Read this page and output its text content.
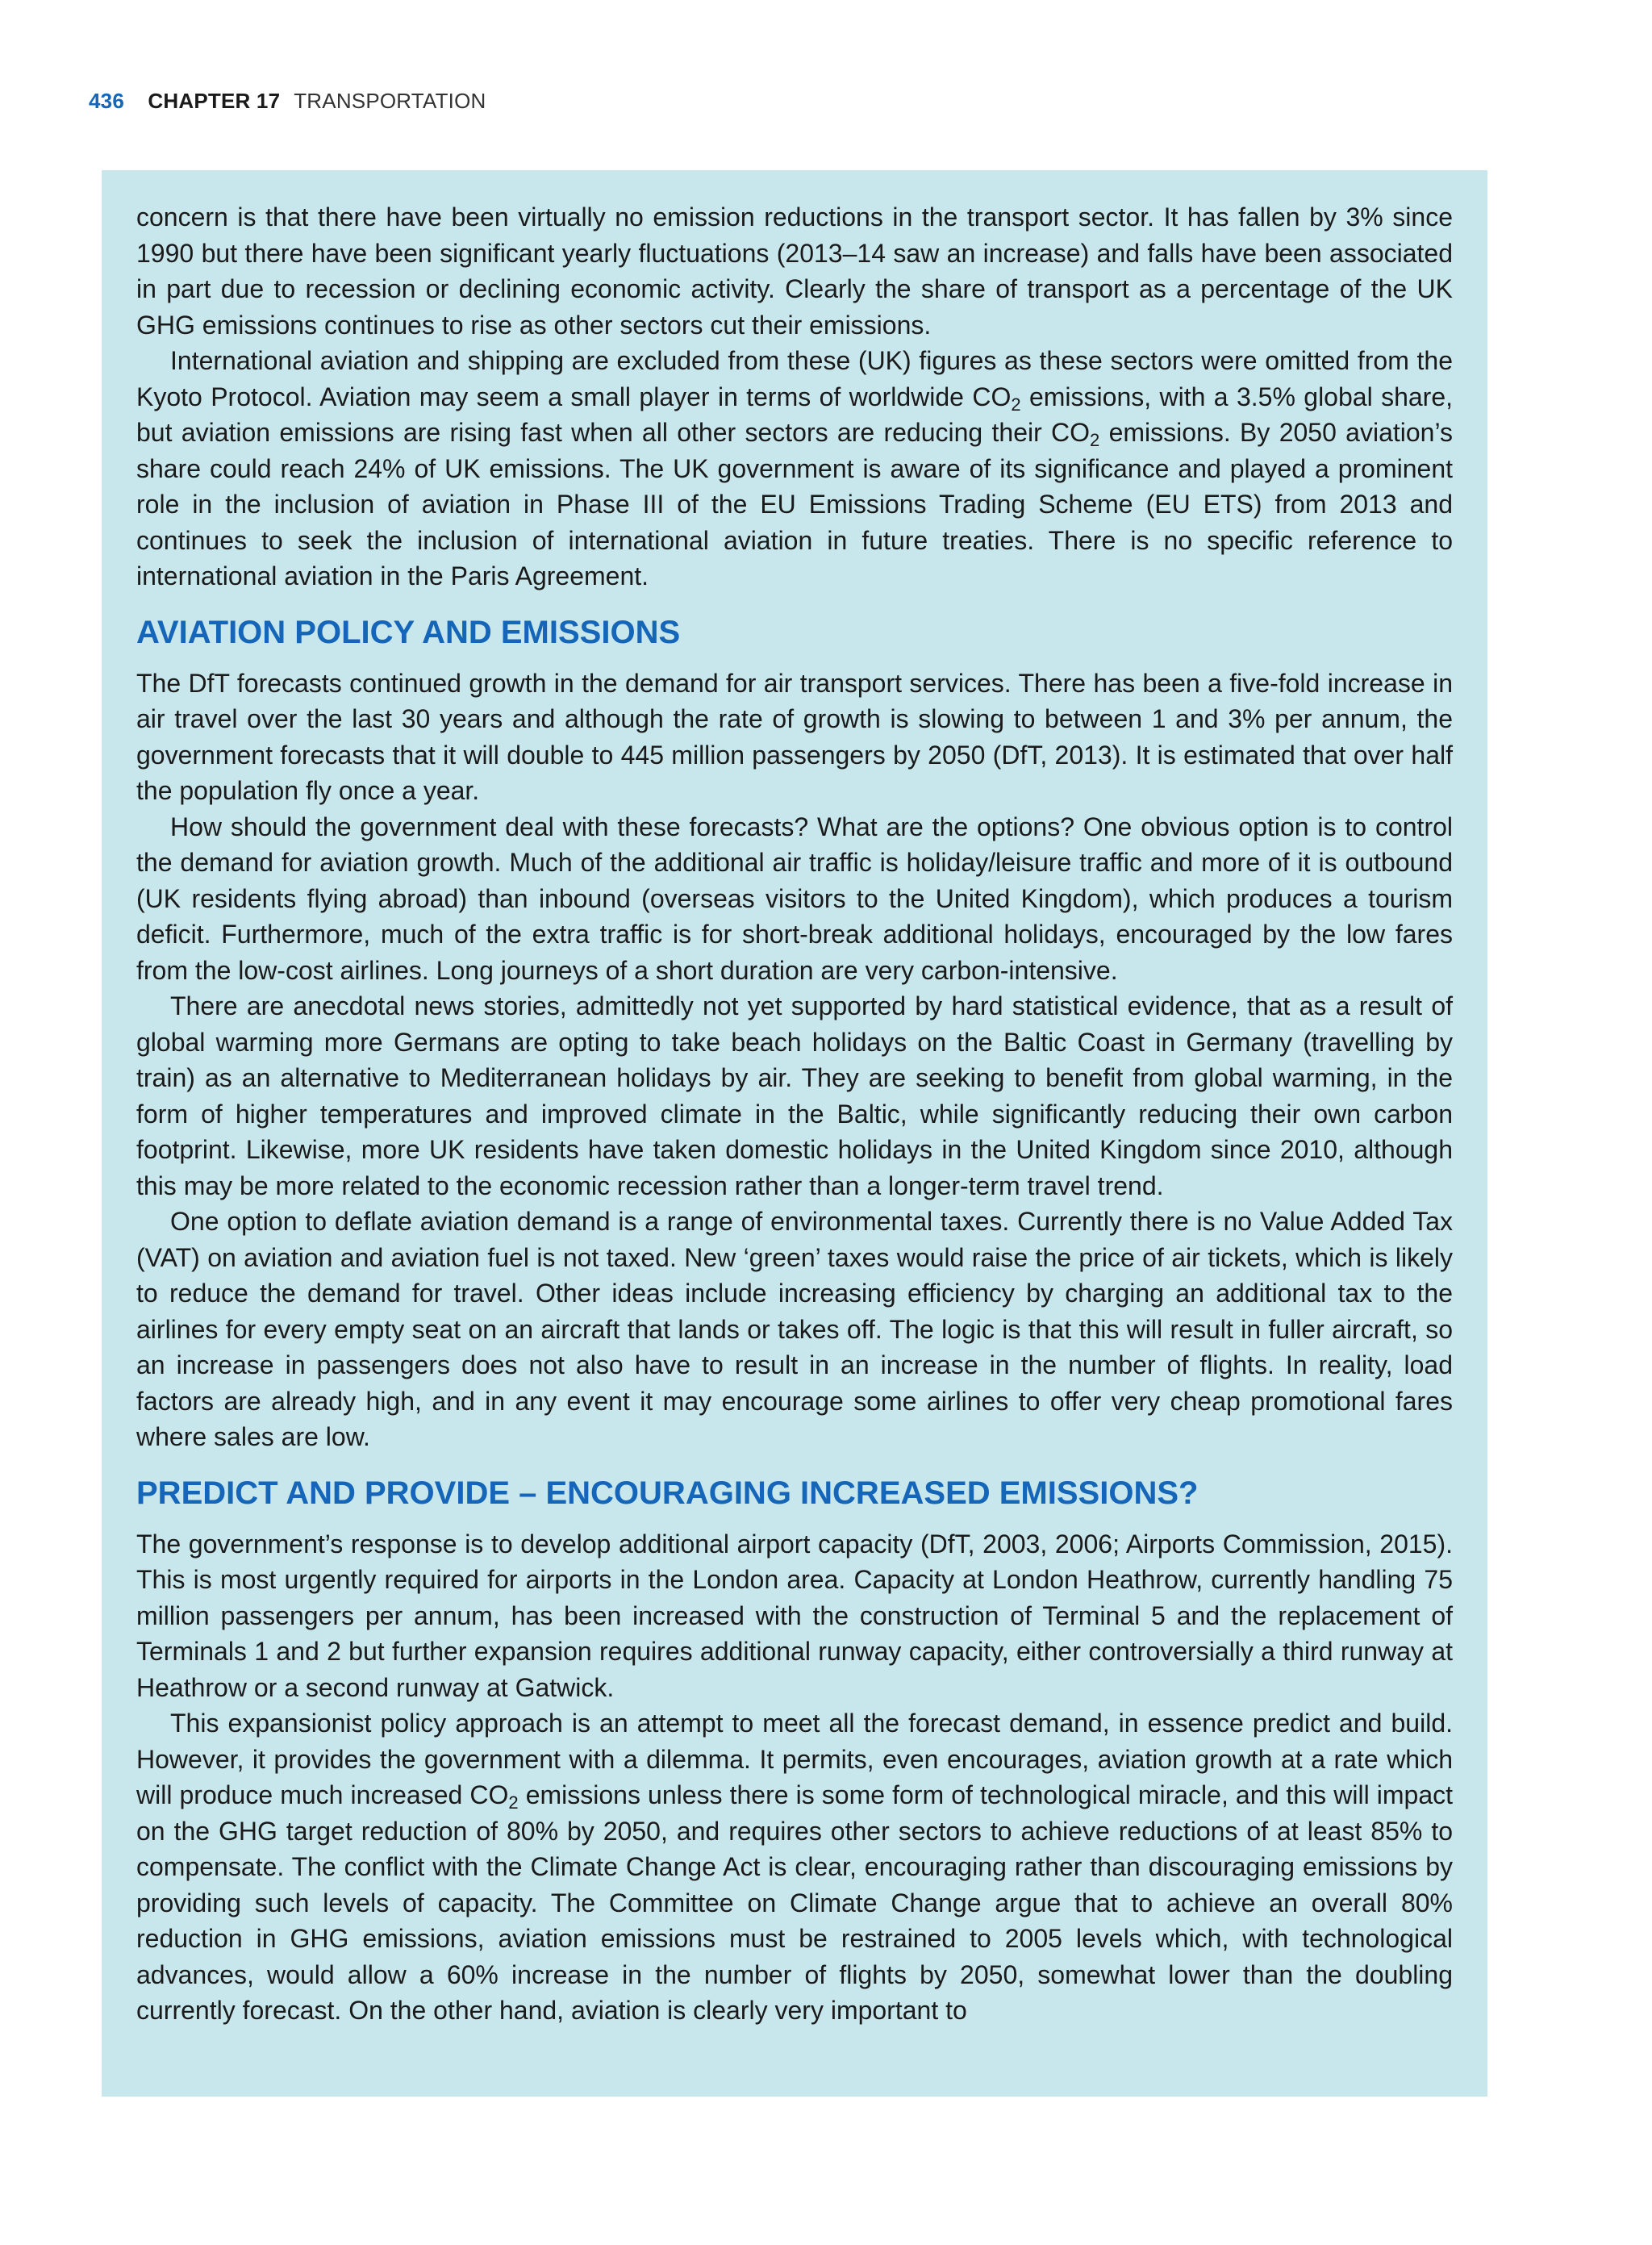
436 CHAPTER 17 TRANSPORTATION

concern is that there have been virtually no emission reductions in the transport sector. It has fallen by 3% since 1990 but there have been significant yearly fluctuations (2013–14 saw an increase) and falls have been associated in part due to recession or declining economic activity. Clearly the share of transport as a percentage of the UK GHG emissions continues to rise as other sectors cut their emissions.

International aviation and shipping are excluded from these (UK) figures as these sectors were omitted from the Kyoto Protocol. Aviation may seem a small player in terms of worldwide $CO_2$ emissions, with a 3.5% global share, but aviation emissions are rising fast when all other sectors are reducing their $CO_2$ emissions. By 2050 aviation’s share could reach 24% of UK emissions. The UK government is aware of its significance and played a prominent role in the inclusion of aviation in Phase III of the EU Emissions Trading Scheme (EU ETS) from 2013 and continues to seek the inclusion of international aviation in future treaties. There is no specific reference to international aviation in the Paris Agreement.

AVIATION POLICY AND EMISSIONS

The DfT forecasts continued growth in the demand for air transport services. There has been a five-fold increase in air travel over the last 30 years and although the rate of growth is slowing to between 1 and 3% per annum, the government forecasts that it will double to 445 million passengers by 2050 (DfT, 2013). It is estimated that over half the population fly once a year.

How should the government deal with these forecasts? What are the options? One obvious option is to control the demand for aviation growth. Much of the additional air traffic is holiday/leisure traffic and more of it is outbound (UK residents flying abroad) than inbound (overseas visitors to the United Kingdom), which produces a tourism deficit. Furthermore, much of the extra traffic is for short-break additional holidays, encouraged by the low fares from the low-cost airlines. Long journeys of a short duration are very carbon-intensive.

There are anecdotal news stories, admittedly not yet supported by hard statistical evidence, that as a result of global warming more Germans are opting to take beach holidays on the Baltic Coast in Germany (travelling by train) as an alternative to Mediterranean holidays by air. They are seeking to benefit from global warming, in the form of higher temperatures and improved climate in the Baltic, while significantly reducing their own carbon footprint. Likewise, more UK residents have taken domestic holidays in the United Kingdom since 2010, although this may be more related to the economic recession rather than a longer-term travel trend.

One option to deflate aviation demand is a range of environmental taxes. Currently there is no Value Added Tax (VAT) on aviation and aviation fuel is not taxed. New ‘green’ taxes would raise the price of air tickets, which is likely to reduce the demand for travel. Other ideas include increasing efficiency by charging an additional tax to the airlines for every empty seat on an aircraft that lands or takes off. The logic is that this will result in fuller aircraft, so an increase in passengers does not also have to result in an increase in the number of flights. In reality, load factors are already high, and in any event it may encourage some airlines to offer very cheap promotional fares where sales are low.

PREDICT AND PROVIDE – ENCOURAGING INCREASED EMISSIONS?

The government’s response is to develop additional airport capacity (DfT, 2003, 2006; Airports Commission, 2015). This is most urgently required for airports in the London area. Capacity at London Heathrow, currently handling 75 million passengers per annum, has been increased with the construction of Terminal 5 and the replacement of Terminals 1 and 2 but further expansion requires additional runway capacity, either controversially a third runway at Heathrow or a second runway at Gatwick.

This expansionist policy approach is an attempt to meet all the forecast demand, in essence predict and build. However, it provides the government with a dilemma. It permits, even encourages, aviation growth at a rate which will produce much increased $CO_2$ emissions unless there is some form of technological miracle, and this will impact on the GHG target reduction of 80% by 2050, and requires other sectors to achieve reductions of at least 85% to compensate. The conflict with the Climate Change Act is clear, encouraging rather than discouraging emissions by providing such levels of capacity. The Committee on Climate Change argue that to achieve an overall 80% reduction in GHG emissions, aviation emissions must be restrained to 2005 levels which, with technological advances, would allow a 60% increase in the number of flights by 2050, somewhat lower than the doubling currently forecast. On the other hand, aviation is clearly very important to
